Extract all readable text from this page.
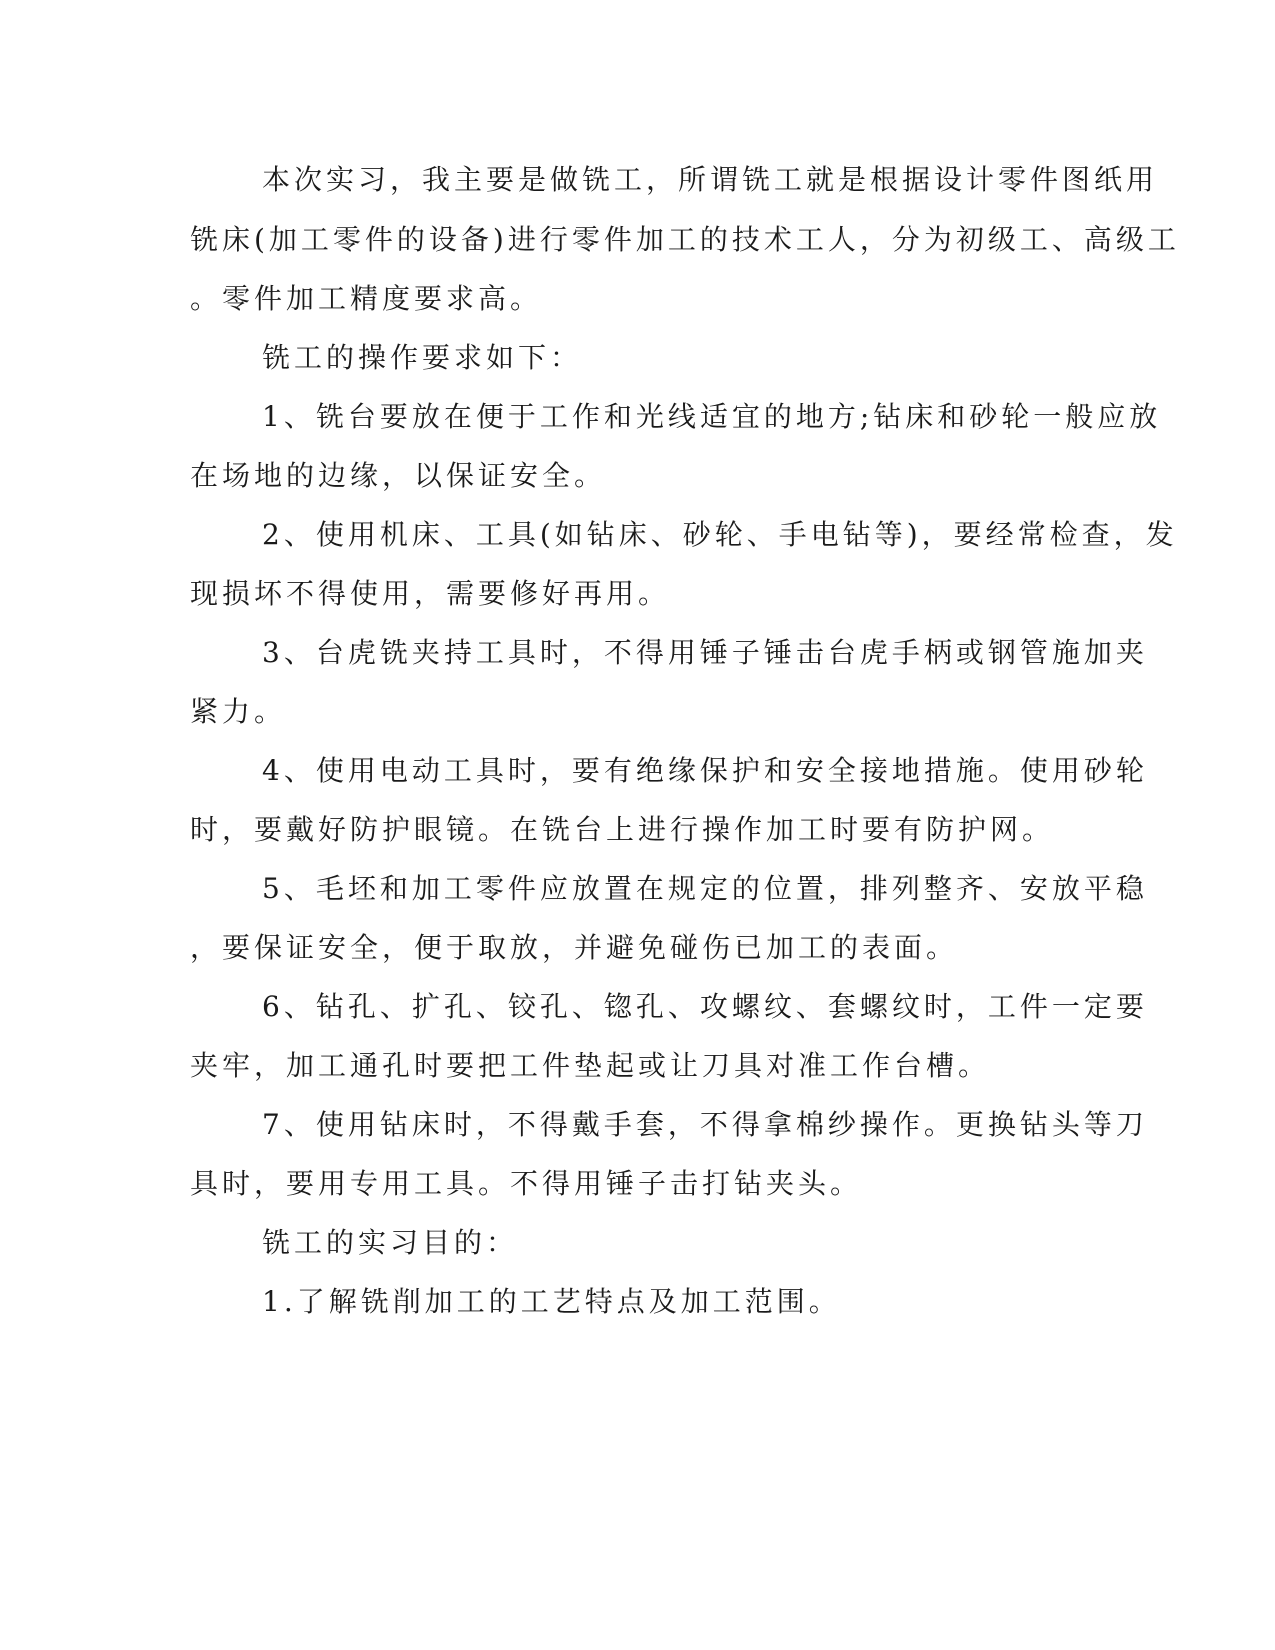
本次实习，我主要是做铣工，所谓铣工就是根据设计零件图纸用
铣床(加工零件的设备)进行零件加工的技术工人，分为初级工、高级工
。零件加工精度要求高。
铣工的操作要求如下：
1、铣台要放在便于工作和光线适宜的地方;钻床和砂轮一般应放
在场地的边缘，以保证安全。
2、使用机床、工具(如钻床、砂轮、手电钻等)，要经常检查，发
现损坏不得使用，需要修好再用。
3、台虎铣夹持工具时，不得用锤子锤击台虎手柄或钢管施加夹
紧力。
4、使用电动工具时，要有绝缘保护和安全接地措施。使用砂轮
时，要戴好防护眼镜。在铣台上进行操作加工时要有防护网。
5、毛坯和加工零件应放置在规定的位置，排列整齐、安放平稳
，要保证安全，便于取放，并避免碰伤已加工的表面。
6、钻孔、扩孔、铰孔、锪孔、攻螺纹、套螺纹时，工件一定要
夹牢，加工通孔时要把工件垫起或让刀具对准工作台槽。
7、使用钻床时，不得戴手套，不得拿棉纱操作。更换钻头等刀
具时，要用专用工具。不得用锤子击打钻夹头。
铣工的实习目的：
1.了解铣削加工的工艺特点及加工范围。
